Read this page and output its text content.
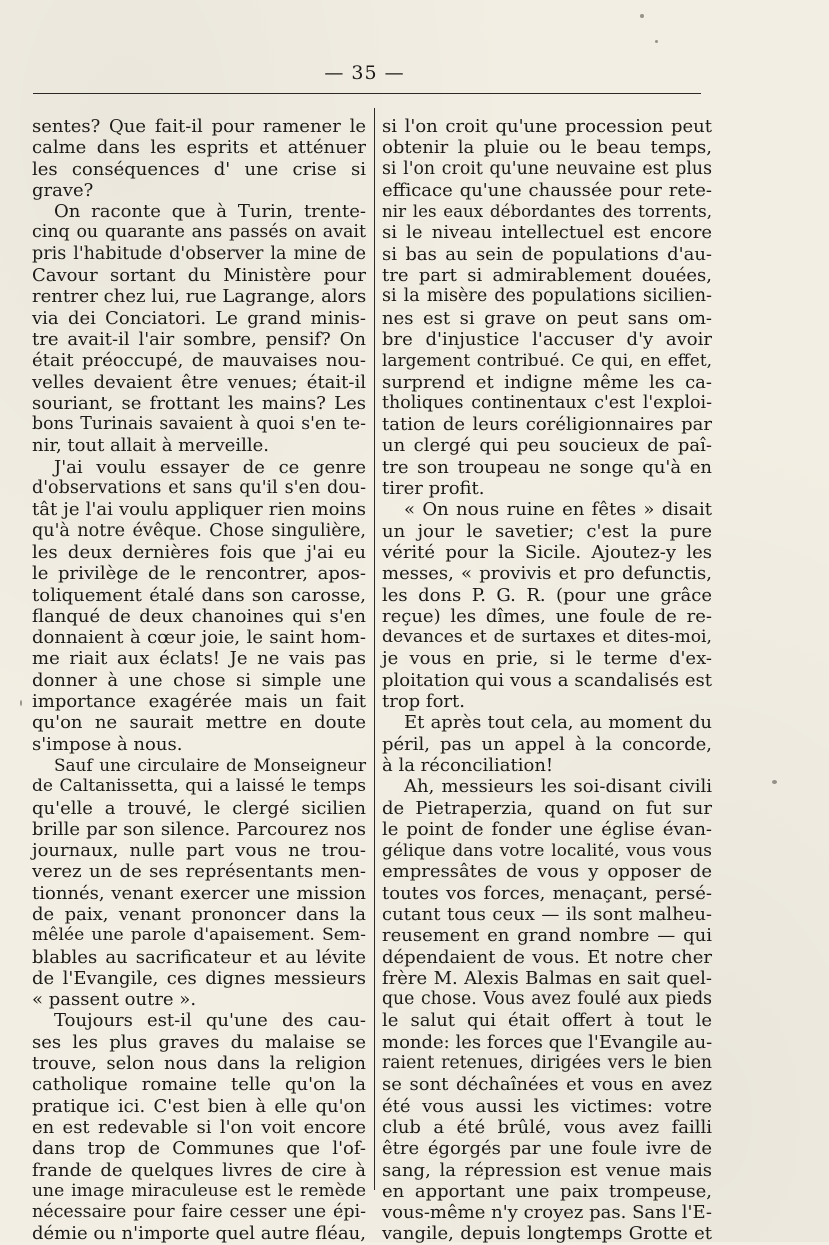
— 35 —
sentes? Que fait-il pour ramener le
calme dans les esprits et atténuer
les conséquences d' une crise si
grave?
On raconte que à Turin, trente-
cinq ou quarante ans passés on avait
pris l'habitude d'observer la mine de
Cavour sortant du Ministère pour
rentrer chez lui, rue Lagrange, alors
via dei Conciatori. Le grand minis-
tre avait-il l'air sombre, pensif? On
était préoccupé, de mauvaises nou-
velles devaient être venues; était-il
souriant, se frottant les mains? Les
bons Turinais savaient à quoi s'en te-
nir, tout allait à merveille.
J'ai voulu essayer de ce genre
d'observations et sans qu'il s'en dou-
tât je l'ai voulu appliquer rien moins
qu'à notre évêque. Chose singulière,
les deux dernières fois que j'ai eu
le privilège de le rencontrer, apos-
toliquement étalé dans son carosse,
flanqué de deux chanoines qui s'en
donnaient à cœur joie, le saint hom-
me riait aux éclats! Je ne vais pas
donner à une chose si simple une
importance exagérée mais un fait
qu'on ne saurait mettre en doute
s'impose à nous.
Sauf une circulaire de Monseigneur
de Caltanissetta, qui a laissé le temps
qu'elle a trouvé, le clergé sicilien
brille par son silence. Parcourez nos
journaux, nulle part vous ne trou-
verez un de ses représentants men-
tionnés, venant exercer une mission
de paix, venant prononcer dans la
mêlée une parole d'apaisement. Sem-
blables au sacrificateur et au lévite
de l'Evangile, ces dignes messieurs
« passent outre ».
Toujours est-il qu'une des cau-
ses les plus graves du malaise se
trouve, selon nous dans la religion
catholique romaine telle qu'on la
pratique ici. C'est bien à elle qu'on
en est redevable si l'on voit encore
dans trop de Communes que l'of-
frande de quelques livres de cire à
une image miraculeuse est le remède
nécessaire pour faire cesser une épi-
démie ou n'importe quel autre fléau,
si l'on croit qu'une procession peut
obtenir la pluie ou le beau temps,
si l'on croit qu'une neuvaine est plus
efficace qu'une chaussée pour rete-
nir les eaux débordantes des torrents,
si le niveau intellectuel est encore
si bas au sein de populations d'au-
tre part si admirablement douées,
si la misère des populations sicilien-
nes est si grave on peut sans om-
bre d'injustice l'accuser d'y avoir
largement contribué. Ce qui, en effet,
surprend et indigne même les ca-
tholiques continentaux c'est l'exploi-
tation de leurs coréligionnaires par
un clergé qui peu soucieux de paî-
tre son troupeau ne songe qu'à en
tirer profit.
« On nous ruine en fêtes » disait
un jour le savetier; c'est la pure
vérité pour la Sicile. Ajoutez-y les
messes, « provivis et pro defunctis,
les dons P. G. R. (pour une grâce
reçue) les dîmes, une foule de re-
devances et de surtaxes et dites-moi,
je vous en prie, si le terme d'ex-
ploitation qui vous a scandalisés est
trop fort.
Et après tout cela, au moment du
péril, pas un appel à la concorde,
à la réconciliation!
Ah, messieurs les soi-disant civili
de Pietraperzia, quand on fut sur
le point de fonder une église évan-
gélique dans votre localité, vous vous
empressâtes de vous y opposer de
toutes vos forces, menaçant, persé-
cutant tous ceux — ils sont malheu-
reusement en grand nombre — qui
dépendaient de vous. Et notre cher
frère M. Alexis Balmas en sait quel-
que chose. Vous avez foulé aux pieds
le salut qui était offert à tout le
monde: les forces que l'Evangile au-
raient retenues, dirigées vers le bien
se sont déchaînées et vous en avez
été vous aussi les victimes: votre
club a été brûlé, vous avez failli
être égorgés par une foule ivre de
sang, la répression est venue mais
en apportant une paix trompeuse,
vous-même n'y croyez pas. Sans l'E-
vangile, depuis longtemps Grotte et
